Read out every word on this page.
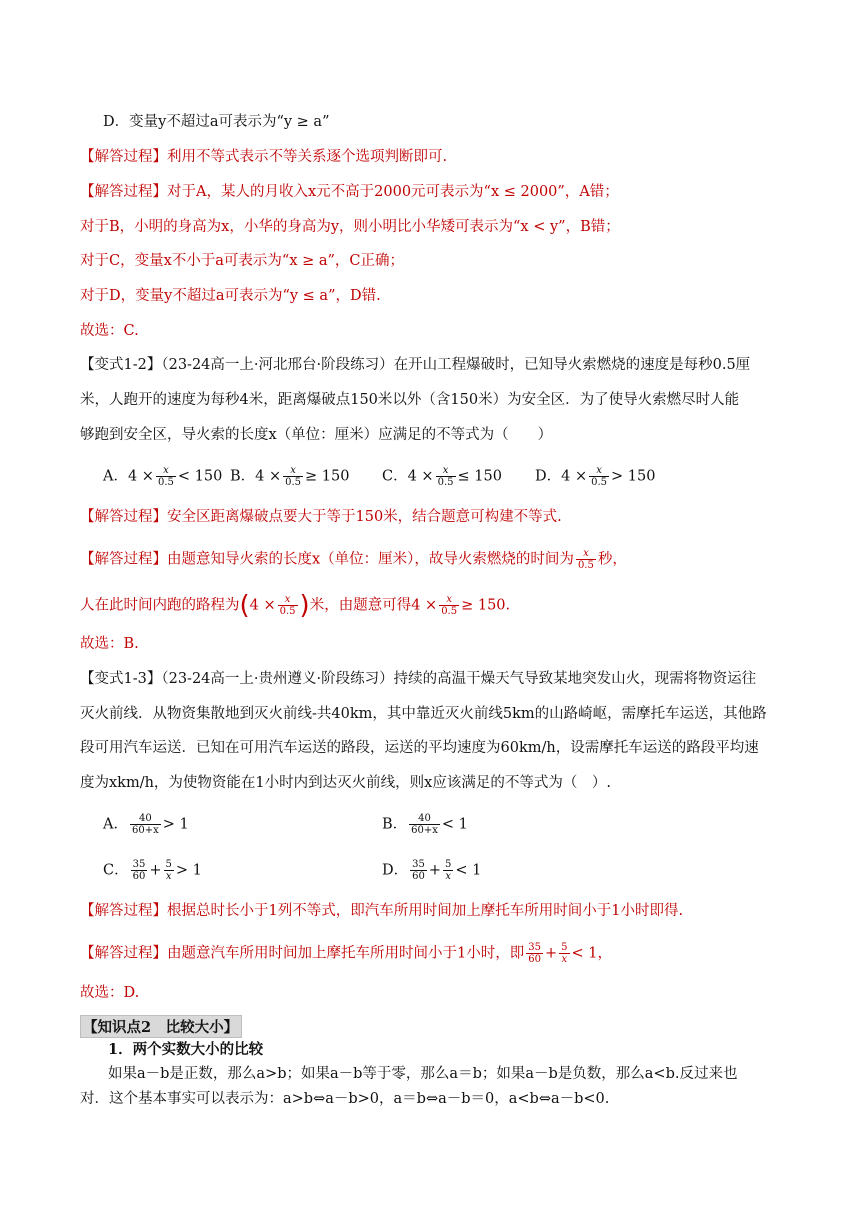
D．变量y不超过a可表示为“y ≥ a”
【解答过程】利用不等式表示不等关系逐个选项判断即可.
【解答过程】对于A，某人的月收入x元不高于2000元可表示为“x ≤ 2000”，A错；
对于B，小明的身高为x，小华的身高为y，则小明比小华矮可表示为“x < y”，B错；
对于C，变量x不小于a可表示为“x ≥ a”，C正确；
对于D，变量y不超过a可表示为“y ≤ a”，D错.
故选：C.
【变式1-2】（23-24高一上·河北邢台·阶段练习）在开山工程爆破时，已知导火索燃烧的速度是每秒0.5厘
米，人跑开的速度为每秒4米，距离爆破点150米以外（含150米）为安全区．为了使导火索燃尽时人能
够跑到安全区，导火索的长度x（单位：厘米）应满足的不等式为（　　）
A．$4 \times \frac{x}{0.5} < 150$ B．$4 \times \frac{x}{0.5} \ge 150$ C．$4 \times \frac{x}{0.5} \le 150$ D．$4 \times \frac{x}{0.5} > 150$
【解答过程】安全区距离爆破点要大于等于150米，结合题意可构建不等式.
【解答过程】由题意知导火索的长度x（单位：厘米），故导火索燃烧的时间为 $\frac{x}{0.5}$ 秒，
人在此时间内跑的路程为($4 \times \frac{x}{0.5}$ )米，由题意可得$4 \times \frac{x}{0.5} \ge 150$.
故选：B.
【变式1-3】（23-24高一上·贵州遵义·阶段练习）持续的高温干燥天气导致某地突发山火，现需将物资运往
灭火前线．从物资集散地到灭火前线-共40km，其中靠近灭火前线5km的山路崎岖，需摩托车运送，其他路
段可用汽车运送．已知在可用汽车运送的路段，运送的平均速度为60km/h，设需摩托车运送的路段平均速
度为xkm/h，为使物资能在1小时内到达灭火前线，则x应该满足的不等式为（　）.
A． $\frac{40}{60+x} > 1$	B． $\frac{40}{60+x} < 1$
C． $\frac{35}{60} + \frac{5}{x} > 1$	D． $\frac{35}{60} + \frac{5}{x} < 1$
【解答过程】根据总时长小于1列不等式，即汽车所用时间加上摩托车所用时间小于1小时即得.
【解答过程】由题意汽车所用时间加上摩托车所用时间小于1小时，即 $\frac{35}{60} + \frac{5}{x} < 1$，
故选：D.
【知识点2　比较大小】
1．两个实数大小的比较
如果a－b是正数，那么a>b；如果a－b等于零，那么a＝b；如果a－b是负数，那么a<b.反过来也
对．这个基本事实可以表示为：a>b⇔a－b>0，a＝b⇔a－b＝0，a<b⇔a－b<0.
